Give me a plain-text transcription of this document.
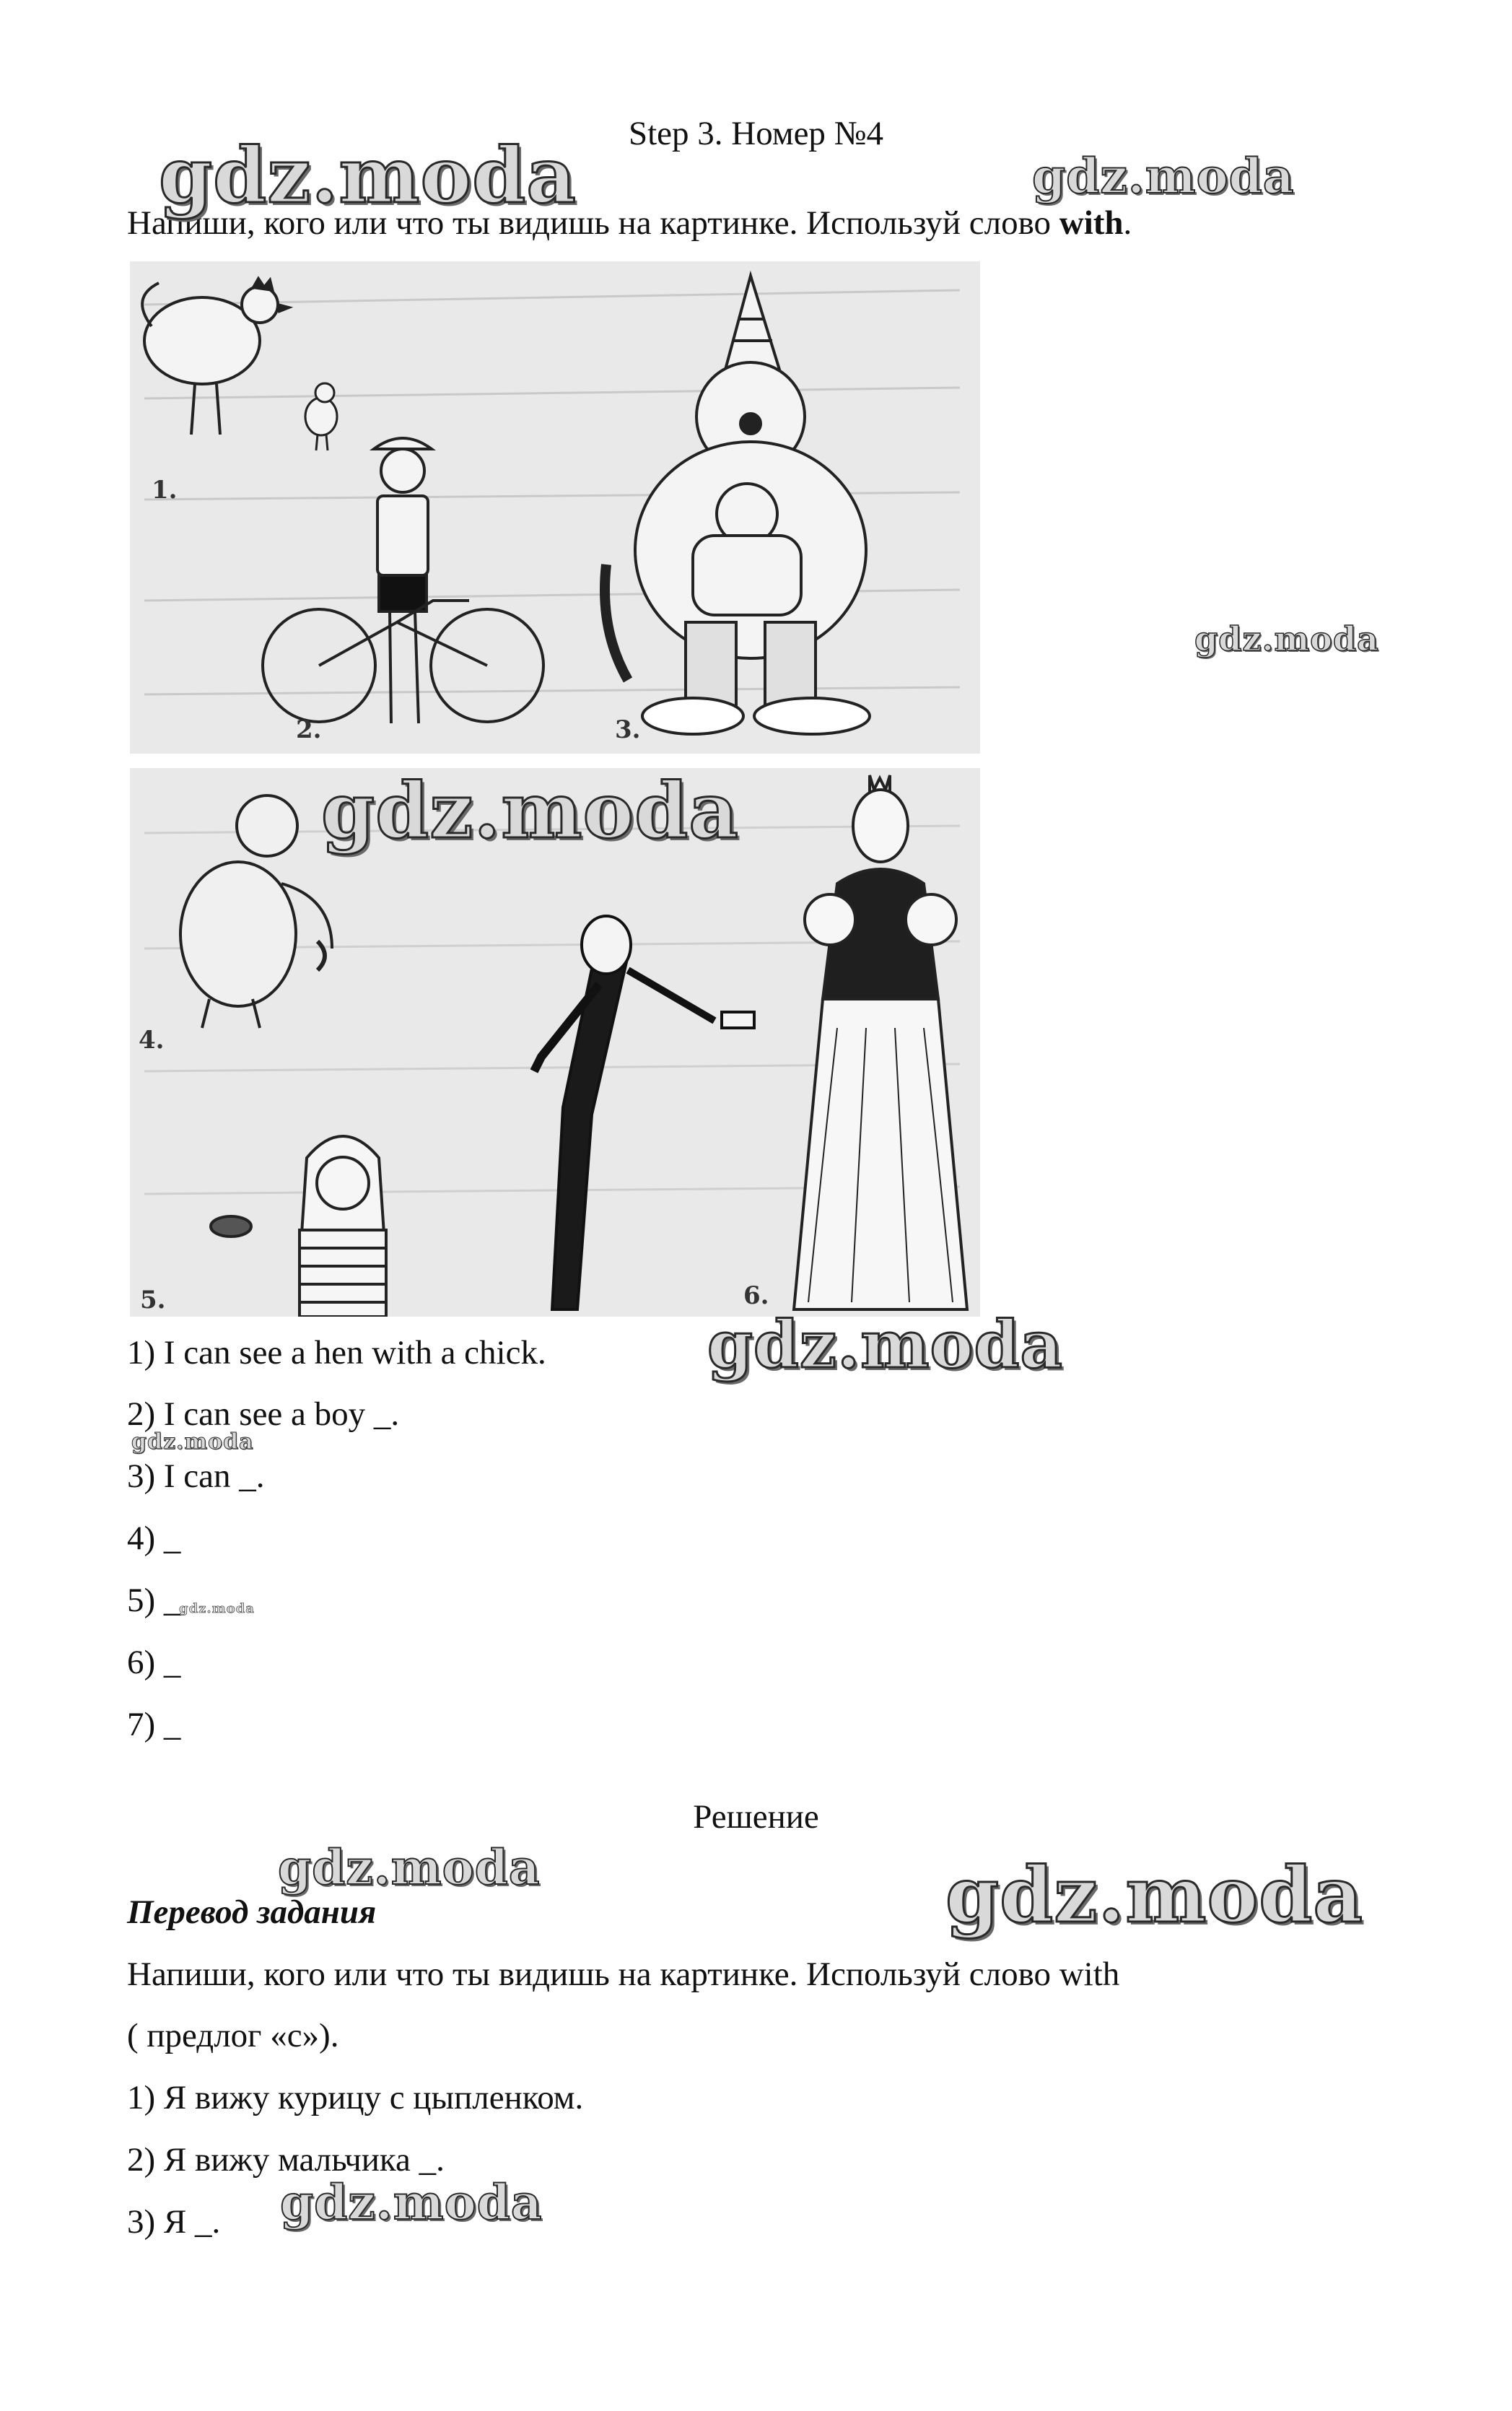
Step 3. Номер №4
Напиши, кого или что ты видишь на картинке. Используй слово with.
1.
2.	3.
4.
5.	6.
1) I can see a hen with a chick.
2) I can see a boy _.
3) I can _.
4) _
5) _
6) _
7) _
Решение
Перевод задания
Напиши, кого или что ты видишь на картинке. Используй слово with
( предлог «с»).
1) Я вижу курицу с цыпленком.
2) Я вижу мальчика _.
3) Я _.
gdz.moda	gdz.moda
gdz.moda
gdz.moda
gdz.moda
gdz.moda
gdz.moda
gdz.moda	gdz.moda
gdz.moda
